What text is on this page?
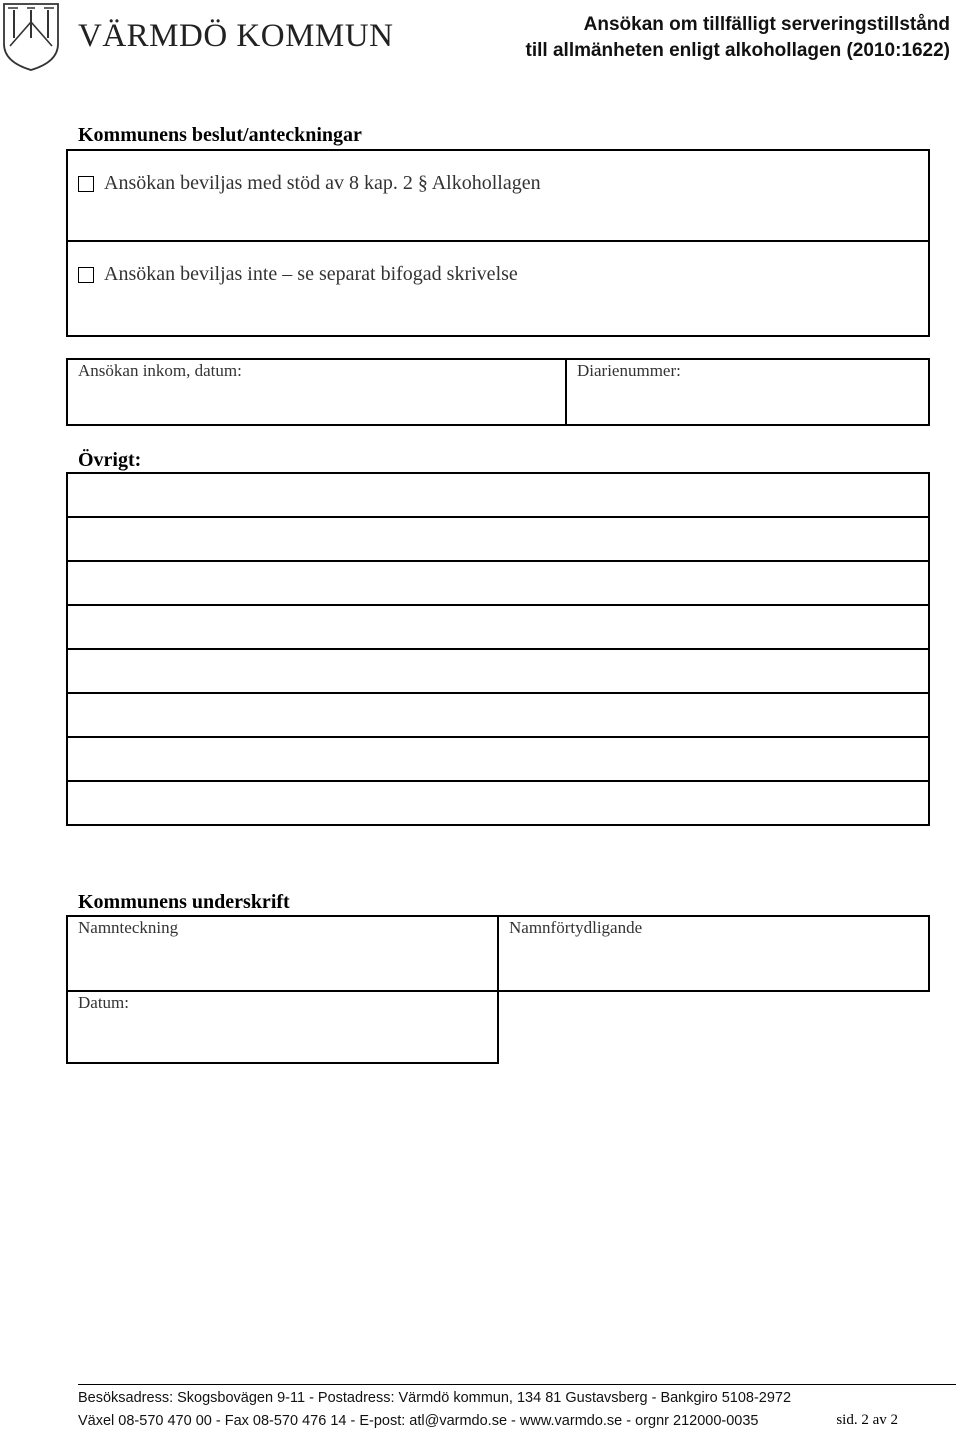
VÄRMDÖ KOMMUN	Ansökan om tillfälligt serveringstillstånd
till allmänheten enligt alkohollagen (2010:1622)
Kommunens beslut/anteckningar
Ansökan beviljas med stöd av 8 kap. 2 § Alkohollagen
Ansökan beviljas inte – se separat bifogad skrivelse
Ansökan inkom, datum:	Diarienummer:
Övrigt:
Kommunens underskrift
Namnteckning	Namnförtydligande
Datum:
Besöksadress: Skogsbovägen 9-11 - Postadress: Värmdö kommun, 134 81 Gustavsberg - Bankgiro 5108-2972
Växel 08-570 470 00 - Fax 08-570 476 14 - E-post: atl@varmdo.se - www.varmdo.se - orgnr 212000-0035	sid. 2 av 2
